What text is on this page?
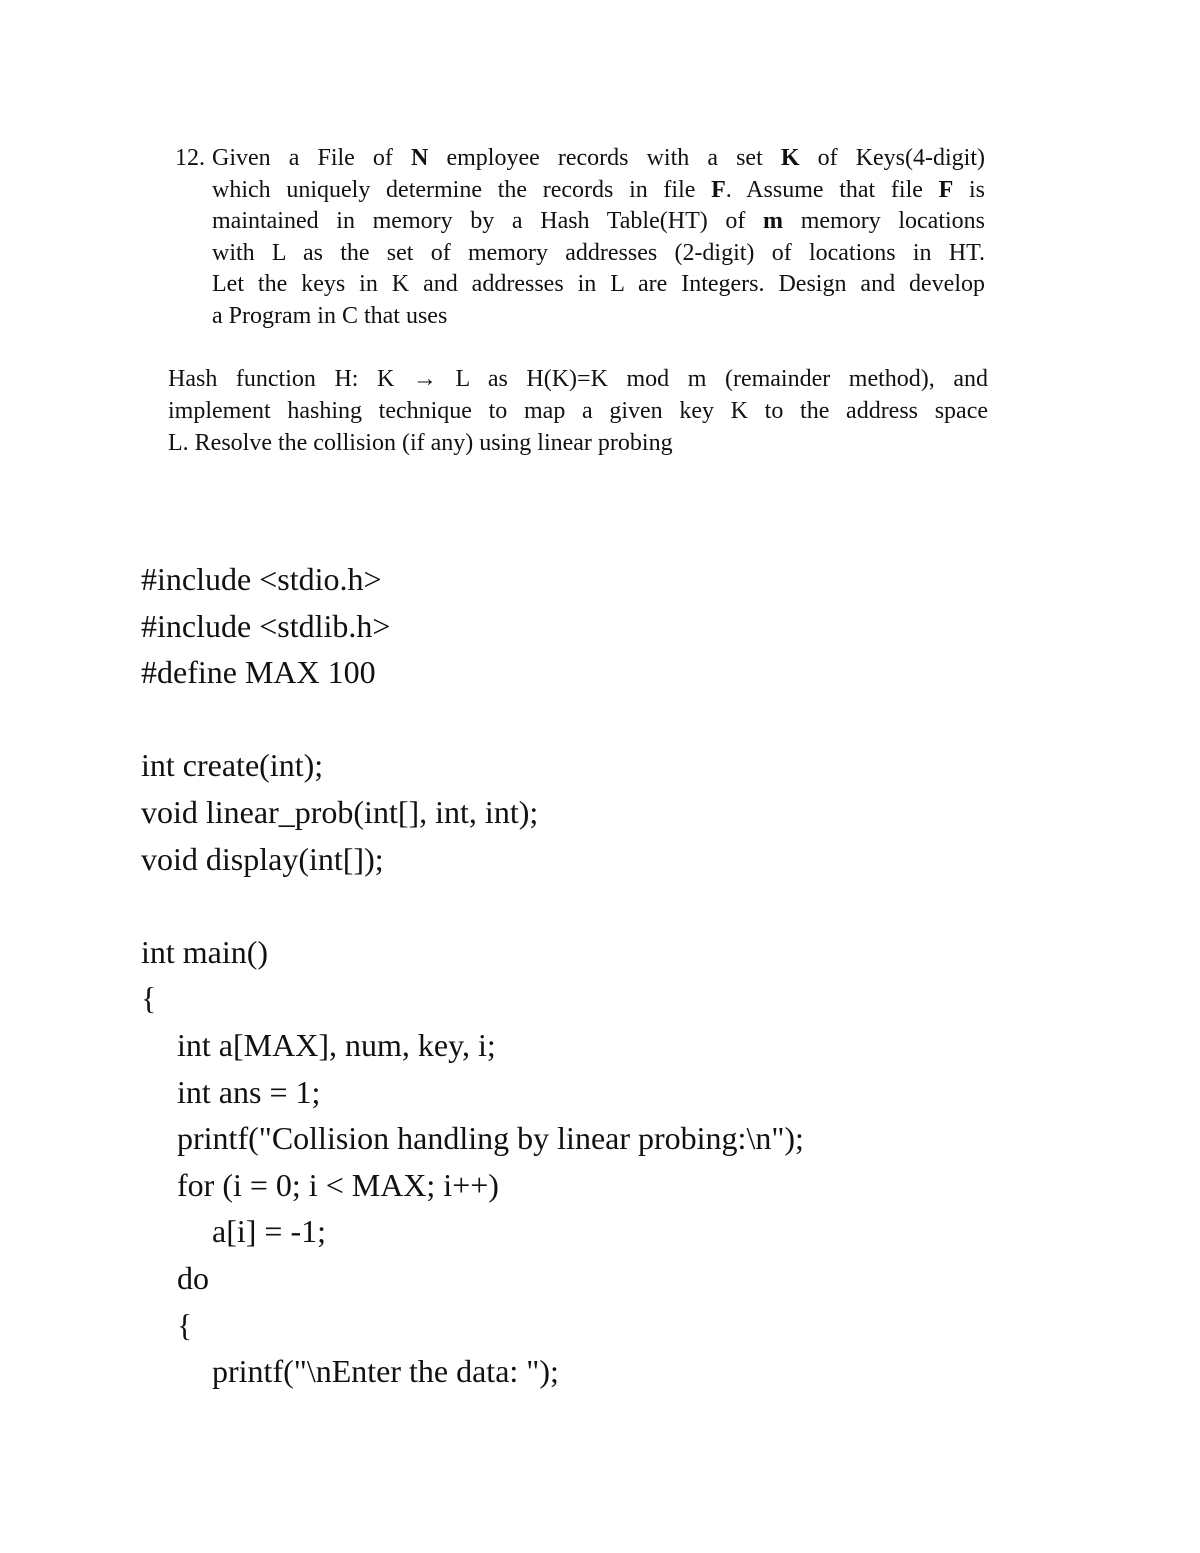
12. Given a File of N employee records with a set K of Keys(4-digit)
which uniquely determine the records in file F. Assume that file F is
maintained in memory by a Hash Table(HT) of m memory locations
with L as the set of memory addresses (2-digit) of locations in HT.
Let the keys in K and addresses in L are Integers. Design and develop
a Program in C that uses
Hash function H: K → L as H(K)=K mod m (remainder method), and
implement hashing technique to map a given key K to the address space
L. Resolve the collision (if any) using linear probing
#include <stdio.h>
#include <stdlib.h>
#define MAX 100
int create(int);
void linear_prob(int[], int, int);
void display(int[]);
int main()
{
int a[MAX], num, key, i;
int ans = 1;
printf("Collision handling by linear probing:\n");
for (i = 0; i < MAX; i++)
a[i] = -1;
do
{
printf("\nEnter the data: ");
